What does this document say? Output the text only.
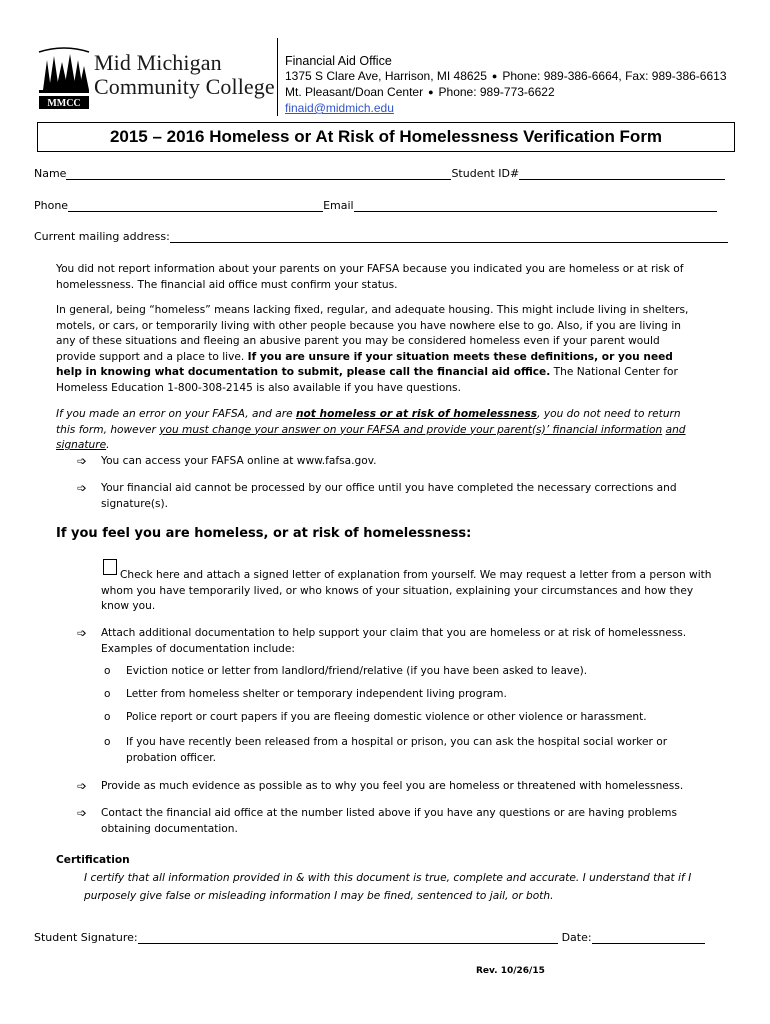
MMCC
Mid Michigan
Community College
Financial Aid Office
1375 S Clare Ave, Harrison, MI 48625 ● Phone: 989-386-6664, Fax: 989-386-6613
Mt. Pleasant/Doan Center ● Phone: 989-773-6622
finaid@midmich.edu
2015 – 2016 Homeless or At Risk of Homelessness Verification Form
Name	Student ID#
Phone	Email
Current mailing address:

You did not report information about your parents on your FAFSA because you indicated you are homeless or at risk of homelessness. The financial aid office must confirm your status.

In general, being “homeless” means lacking fixed, regular, and adequate housing. This might include living in shelters, motels, or cars, or temporarily living with other people because you have nowhere else to go. Also, if you are living in any of these situations and fleeing an abusive parent you may be considered homeless even if your parent would provide support and a place to live. If you are unsure if your situation meets these definitions, or you need help in knowing what documentation to submit, please call the financial aid office. The National Center for Homeless Education 1-800-308-2145 is also available if you have questions.

If you made an error on your FAFSA, and are not homeless or at risk of homelessness, you do not need to return this form, however you must change your answer on your FAFSA and provide your parent(s)’ financial information and signature.

➩	You can access your FAFSA online at www.fafsa.gov.
➩	Your financial aid cannot be processed by our office until you have completed the necessary corrections and
signature(s).
If you feel you are homeless, or at risk of homelessness:
Check here and attach a signed letter of explanation from yourself. We may request a letter from a person with
whom you have temporarily lived, or who knows of your situation, explaining your circumstances and how they
know you.
➩	Attach additional documentation to help support your claim that you are homeless or at risk of homelessness.
Examples of documentation include:
o Eviction notice or letter from landlord/friend/relative (if you have been asked to leave).
o Letter from homeless shelter or temporary independent living program.
o Police report or court papers if you are fleeing domestic violence or other violence or harassment.
o If you have recently been released from a hospital or prison, you can ask the hospital social worker or
probation officer.
➩	Provide as much evidence as possible as to why you feel you are homeless or threatened with homelessness.
➩	Contact the financial aid office at the number listed above if you have any questions or are having problems
obtaining documentation.
Certification

I certify that all information provided in & with this document is true, complete and accurate. I understand that if I

purposely give false or misleading information I may be fined, sentenced to jail, or both.

Student Signature:	Date:
Rev. 10/26/15
